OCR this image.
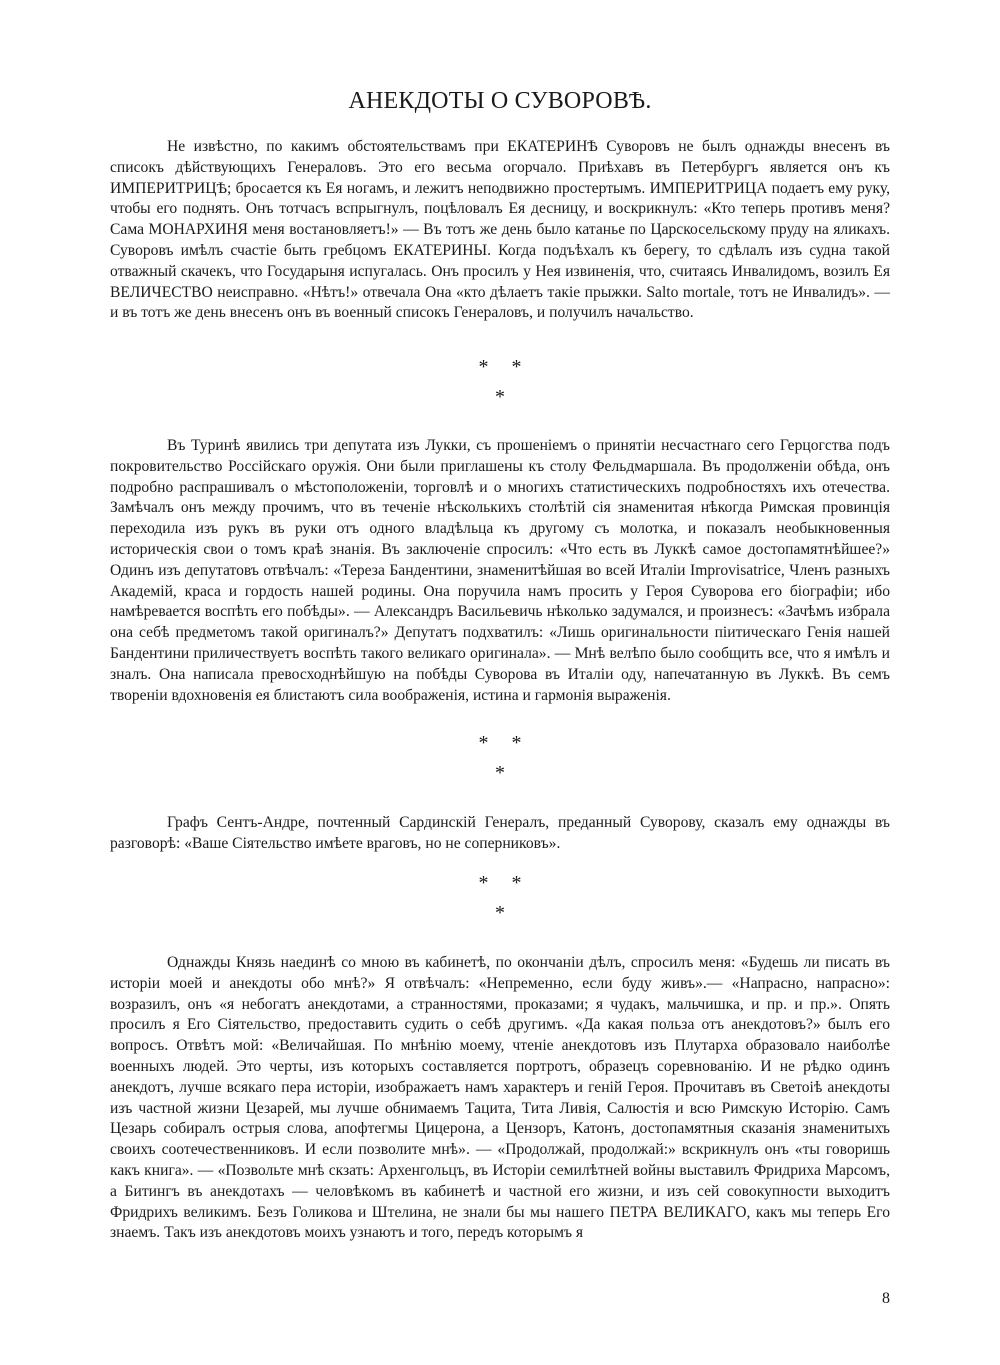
АНЕКДОТЫ О СУВОРОВѢ.

Не извѣстно, по какимъ обстоятельствамъ при ЕКАТЕРИНѢ Суворовъ не былъ однажды внесенъ въ списокъ дѣйствующихъ Генераловъ. Это его весьма огорчало. Приѣхавъ въ Петербургъ является онъ къ ИМПЕРИТРИЦѢ; бросается къ Ея ногамъ, и лежитъ неподвижно простертымъ. ИМПЕРИТРИЦА подаетъ ему руку, чтобы его поднять. Онъ тотчасъ вспрыгнулъ, поцѣловалъ Ея десницу, и воскрикнулъ: «Кто теперь противъ меня? Сама МОНАРХИНЯ меня востановляетъ!» — Въ тотъ же день было катанье по Царскосельскому пруду на яликахъ. Суворовъ имѣлъ счастіе быть гребцомъ ЕКАТЕРИНЫ. Когда подъѣхалъ къ берегу, то сдѣлалъ изъ судна такой отважный скачекъ, что Государыня испугалась. Онъ просилъ у Нея извиненія, что, считаясь Инвалидомъ, возилъ Ея ВЕЛИЧЕСТВО неисправно. «Нѣтъ!» отвечала Она «кто дѣлаетъ такіе прыжки. Salto mortale, тотъ не Инвалидъ». — и въ тотъ же день внесенъ онъ въ военный списокъ Генераловъ, и получилъ начальство.

* *
*

Въ Туринѣ явились три депутата изъ Лукки, съ прошеніемъ о принятіи несчастнаго сего Герцогства подъ покровительство Россійскаго оружія. Они были приглашены къ столу Фельдмаршала. Въ продолженіи обѣда, онъ подробно распрашивалъ о мѣстоположеніи, торговлѣ и о многихъ статистическихъ подробностяхъ ихъ отечества. Замѣчалъ онъ между прочимъ, что въ теченіе нѣсколькихъ столѣтій сія знаменитая нѣкогда Римская провинція переходила изъ рукъ въ руки отъ одного владѣльца къ другому съ молотка, и показалъ необыкновенныя историческія свои о томъ краѣ знанія. Въ заключеніе спросилъ: «Что есть въ Луккѣ самое достопамятнѣйшее?» Одинъ изъ депутатовъ отвѣчалъ: «Тереза Бандентини, знаменитѣйшая во всей Италіи Improvisatrice, Членъ разныхъ Академій, краса и гордость нашей родины. Она поручила намъ просить у Героя Суворова его біографіи; ибо намѣревается воспѣть его побѣды». — Александръ Васильевичь нѣколько задумался, и произнесъ: «Зачѣмъ избрала она себѣ предметомъ такой оригиналъ?» Депутатъ подхватилъ: «Лишь оригинальности піитическаго Генія нашей Бандентини приличествуетъ воспѣть такого великаго оригинала». — Мнѣ велѣпо было сообщить все, что я имѣлъ и зналъ. Она написала превосходнѣйшую на побѣды Суворова въ Италіи оду, напечатанную въ Луккѣ. Въ семъ твореніи вдохновенія ея блистаютъ сила воображенія, истина и гармонія выраженія.

* *
*

Графъ Сентъ-Андре, почтенный Сардинскій Генералъ, преданный Суворову, сказалъ ему однажды въ разговорѣ: «Ваше Сіятельство имѣете враговъ, но не соперниковъ».

* *
*

Однажды Князь наединѣ со мною въ кабинетѣ, по окончаніи дѣлъ, спросилъ меня: «Будешь ли писать въ исторіи моей и анекдоты обо мнѣ?» Я отвѣчалъ: «Непременно, если буду живъ».— «Напрасно, напрасно»: возразилъ, онъ «я небогатъ анекдотами, а странностями, проказами; я чудакъ, мальчишка, и пр. и пр.». Опять просилъ я Его Сіятельство, предоставить судить о себѣ другимъ. «Да какая польза отъ анекдотовъ?» былъ его вопросъ. Отвѣтъ мой: «Величайшая. По мнѣнію моему, чтеніе анекдотовъ изъ Плутарха образовало наиболѣе военныхъ людей. Это черты, изъ которыхъ составляется портротъ, образецъ соревнованію. И не рѣдко одинъ анекдотъ, лучше всякаго пера исторіи, изображаетъ намъ характеръ и геній Героя. Прочитавъ въ Светоіѣ анекдоты изъ частной жизни Цезарей, мы лучше обнимаемъ Тацита, Тита Ливія, Салюстія и всю Римскую Исторію. Самъ Цезарь собиралъ острыя слова, апофтегмы Цицерона, а Цензоръ, Катонъ, достопамятныя сказанія знаменитыхъ своихъ соотечественниковъ. И если позволите мнѣ». — «Продолжай, продолжай:» вскрикнулъ онъ «ты говоришь какъ книга». — «Позвольте мнѣ скзать: Архенгольцъ, въ Исторіи семилѣтней войны выставилъ Фридриха Марсомъ, а Битингъ въ анекдотахъ — человѣкомъ въ кабинетѣ и частной его жизни, и изъ сей совокупности выходитъ Фридрихъ великимъ. Безъ Голикова и Штелина, не знали бы мы нашего ПЕТРА ВЕЛИКАГО, какъ мы теперь Его знаемъ. Такъ изъ анекдотовъ моихъ узнаютъ и того, передъ которымъ я

8
